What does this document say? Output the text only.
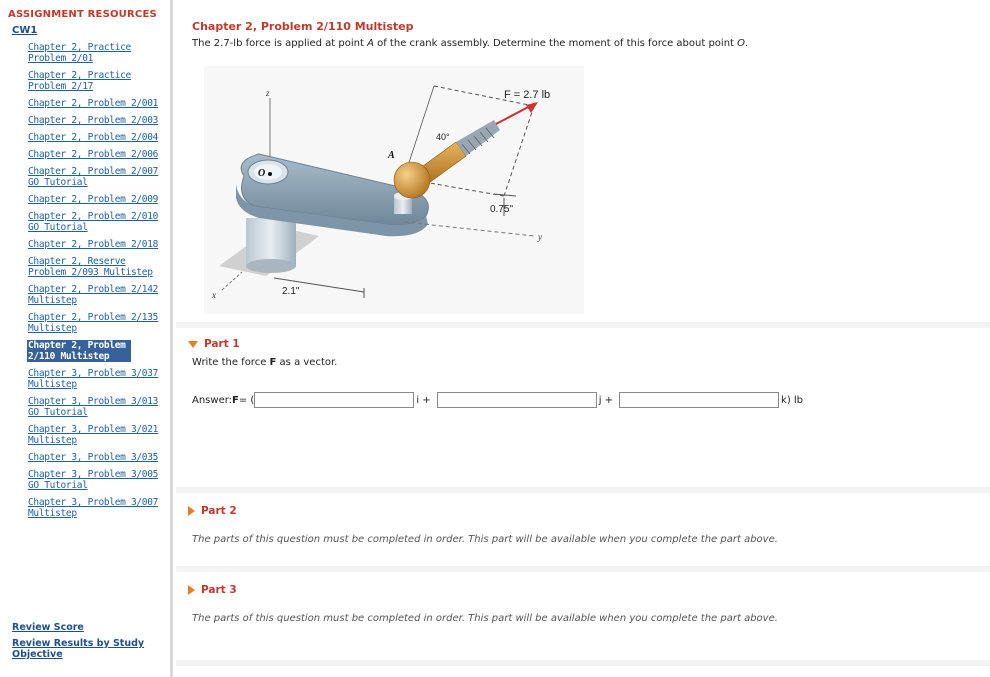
ASSIGNMENT RESOURCES
CW1
Chapter 2, Practice Problem 2/01
Chapter 2, Practice Problem 2/17
Chapter 2, Problem 2/001
Chapter 2, Problem 2/003
Chapter 2, Problem 2/004
Chapter 2, Problem 2/006
Chapter 2, Problem 2/007 GO Tutorial
Chapter 2, Problem 2/009
Chapter 2, Problem 2/010 GO Tutorial
Chapter 2, Problem 2/018
Chapter 2, Reserve Problem 2/093 Multistep
Chapter 2, Problem 2/142 Multistep
Chapter 2, Problem 2/135 Multistep
Chapter 2, Problem 2/110 Multistep
Chapter 3, Problem 3/037 Multistep
Chapter 3, Problem 3/013 GO Tutorial
Chapter 3, Problem 3/021 Multistep
Chapter 3, Problem 3/035
Chapter 3, Problem 3/005 GO Tutorial
Chapter 3, Problem 3/007 Multistep
Review Score
Review Results by Study Objective
Chapter 2, Problem 2/110 Multistep
The 2.7-lb force is applied at point A of the crank assembly. Determine the moment of this force about point O.
z
x
O
y
40°
A
F = 2.7 lb
0.75"
2.1"
Part 1
Write the force F as a vector.
Answer: F = (	i +	j +	k) lb
Part 2
The parts of this question must be completed in order. This part will be available when you complete the part above.
Part 3
The parts of this question must be completed in order. This part will be available when you complete the part above.
